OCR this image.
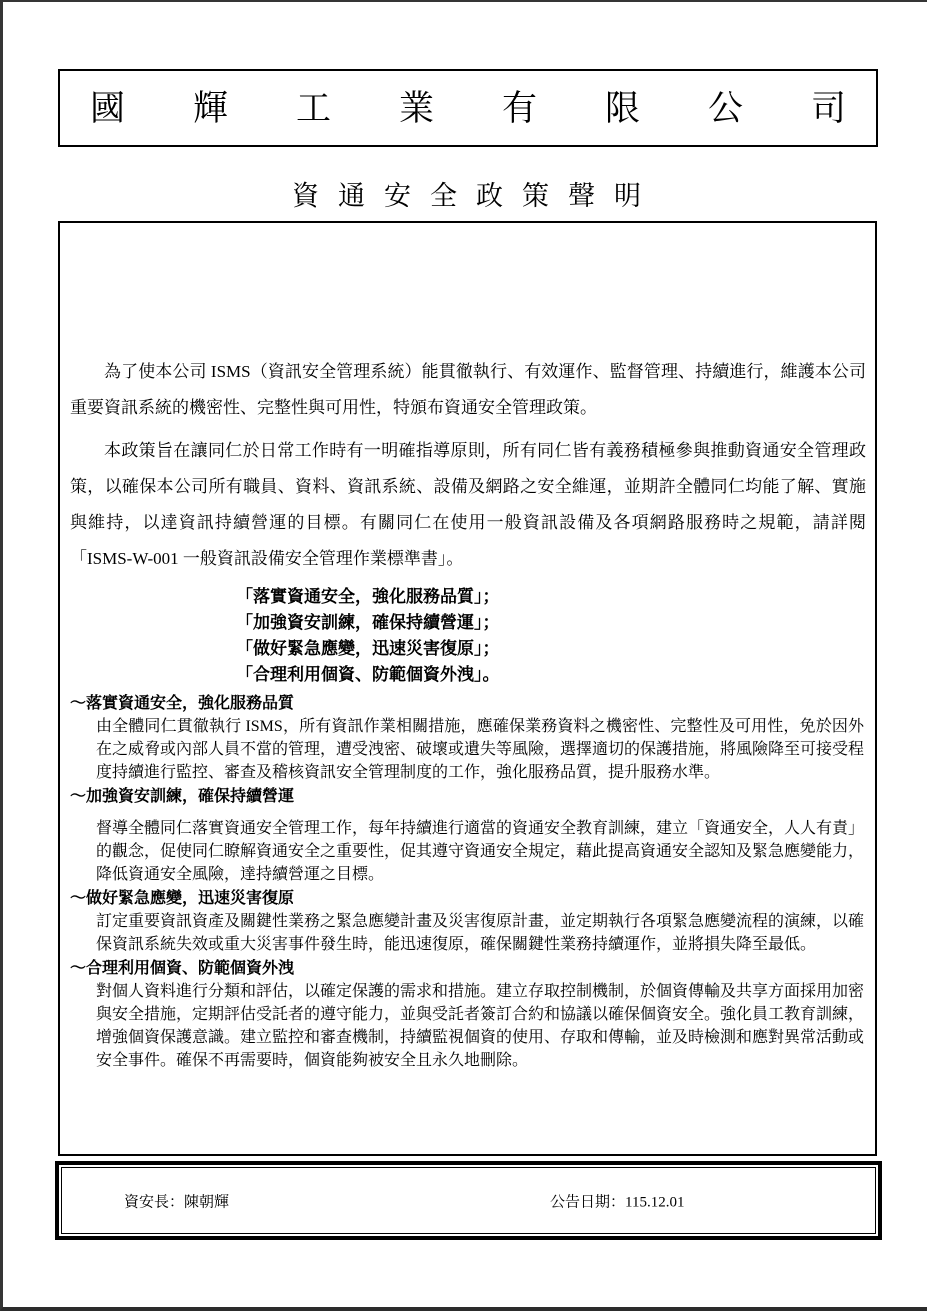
國輝工業有限公司
資通安全政策聲明

為了使本公司 ISMS（資訊安全管理系統）能貫徹執行、有效運作、監督管理、持續進行，維護本公司重要資訊系統的機密性、完整性與可用性，特頒布資通安全管理政策。

本政策旨在讓同仁於日常工作時有一明確指導原則，所有同仁皆有義務積極參與推動資通安全管理政策，以確保本公司所有職員、資料、資訊系統、設備及網路之安全維運，並期許全體同仁均能了解、實施與維持，以達資訊持續營運的目標。有關同仁在使用一般資訊設備及各項網路服務時之規範，請詳閱「ISMS-W-001 一般資訊設備安全管理作業標準書」。

「落實資通安全，強化服務品質」；
「加強資安訓練，確保持續營運」；
「做好緊急應變，迅速災害復原」；
「合理利用個資、防範個資外洩」。
～落實資通安全，強化服務品質
由全體同仁貫徹執行 ISMS，所有資訊作業相關措施，應確保業務資料之機密性、完整性及可用性，免於因外在之威脅或內部人員不當的管理，遭受洩密、破壞或遺失等風險，選擇適切的保護措施，將風險降至可接受程度持續進行監控、審查及稽核資訊安全管理制度的工作，強化服務品質，提升服務水準。
～加強資安訓練，確保持續營運
督導全體同仁落實資通安全管理工作，每年持續進行適當的資通安全教育訓練，建立「資通安全，人人有責」的觀念，促使同仁瞭解資通安全之重要性，促其遵守資通安全規定，藉此提高資通安全認知及緊急應變能力，降低資通安全風險，達持續營運之目標。
～做好緊急應變，迅速災害復原
訂定重要資訊資產及關鍵性業務之緊急應變計畫及災害復原計畫，並定期執行各項緊急應變流程的演練，以確保資訊系統失效或重大災害事件發生時，能迅速復原，確保關鍵性業務持續運作，並將損失降至最低。
～合理利用個資、防範個資外洩
對個人資料進行分類和評估，以確定保護的需求和措施。建立存取控制機制，於個資傳輸及共享方面採用加密與安全措施，定期評估受託者的遵守能力，並與受託者簽訂合約和協議以確保個資安全。強化員工教育訓練，增強個資保護意識。建立監控和審查機制，持續監視個資的使用、存取和傳輸，並及時檢測和應對異常活動或安全事件。確保不再需要時，個資能夠被安全且永久地刪除。
資安長：陳朝輝	公告日期：115.12.01
